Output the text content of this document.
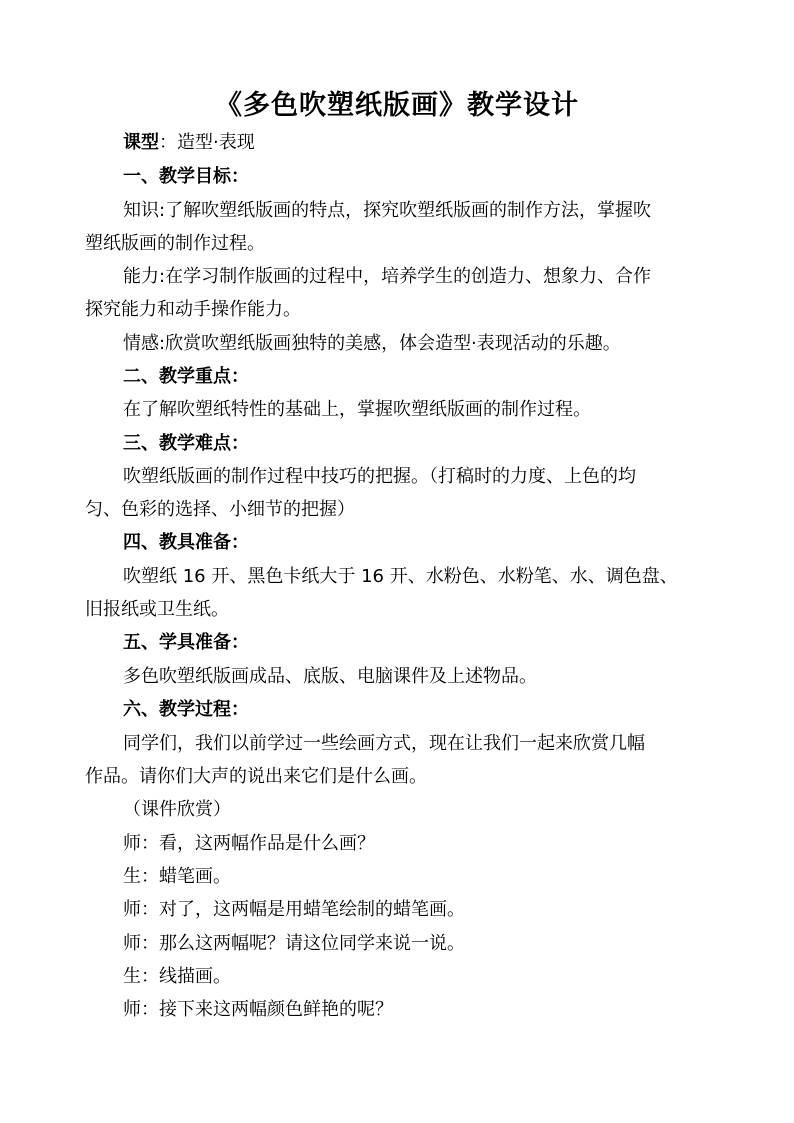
《多色吹塑纸版画》教学设计
课型：造型·表现
一、教学目标：
知识:了解吹塑纸版画的特点，探究吹塑纸版画的制作方法，掌握吹
塑纸版画的制作过程。
能力:在学习制作版画的过程中，培养学生的创造力、想象力、合作
探究能力和动手操作能力。
情感:欣赏吹塑纸版画独特的美感，体会造型·表现活动的乐趣。
二、教学重点：
在了解吹塑纸特性的基础上，掌握吹塑纸版画的制作过程。
三、教学难点：
吹塑纸版画的制作过程中技巧的把握。（打稿时的力度、上色的均
匀、色彩的选择、小细节的把握）
四、教具准备：
吹塑纸 16 开、黑色卡纸大于 16 开、水粉色、水粉笔、水、调色盘、
旧报纸或卫生纸。
五、学具准备：
多色吹塑纸版画成品、底版、电脑课件及上述物品。
六、教学过程：
同学们，我们以前学过一些绘画方式，现在让我们一起来欣赏几幅
作品。请你们大声的说出来它们是什么画。
（课件欣赏）
师：看，这两幅作品是什么画？
生：蜡笔画。
师：对了，这两幅是用蜡笔绘制的蜡笔画。
师：那么这两幅呢？请这位同学来说一说。
生：线描画。
师：接下来这两幅颜色鲜艳的呢？
